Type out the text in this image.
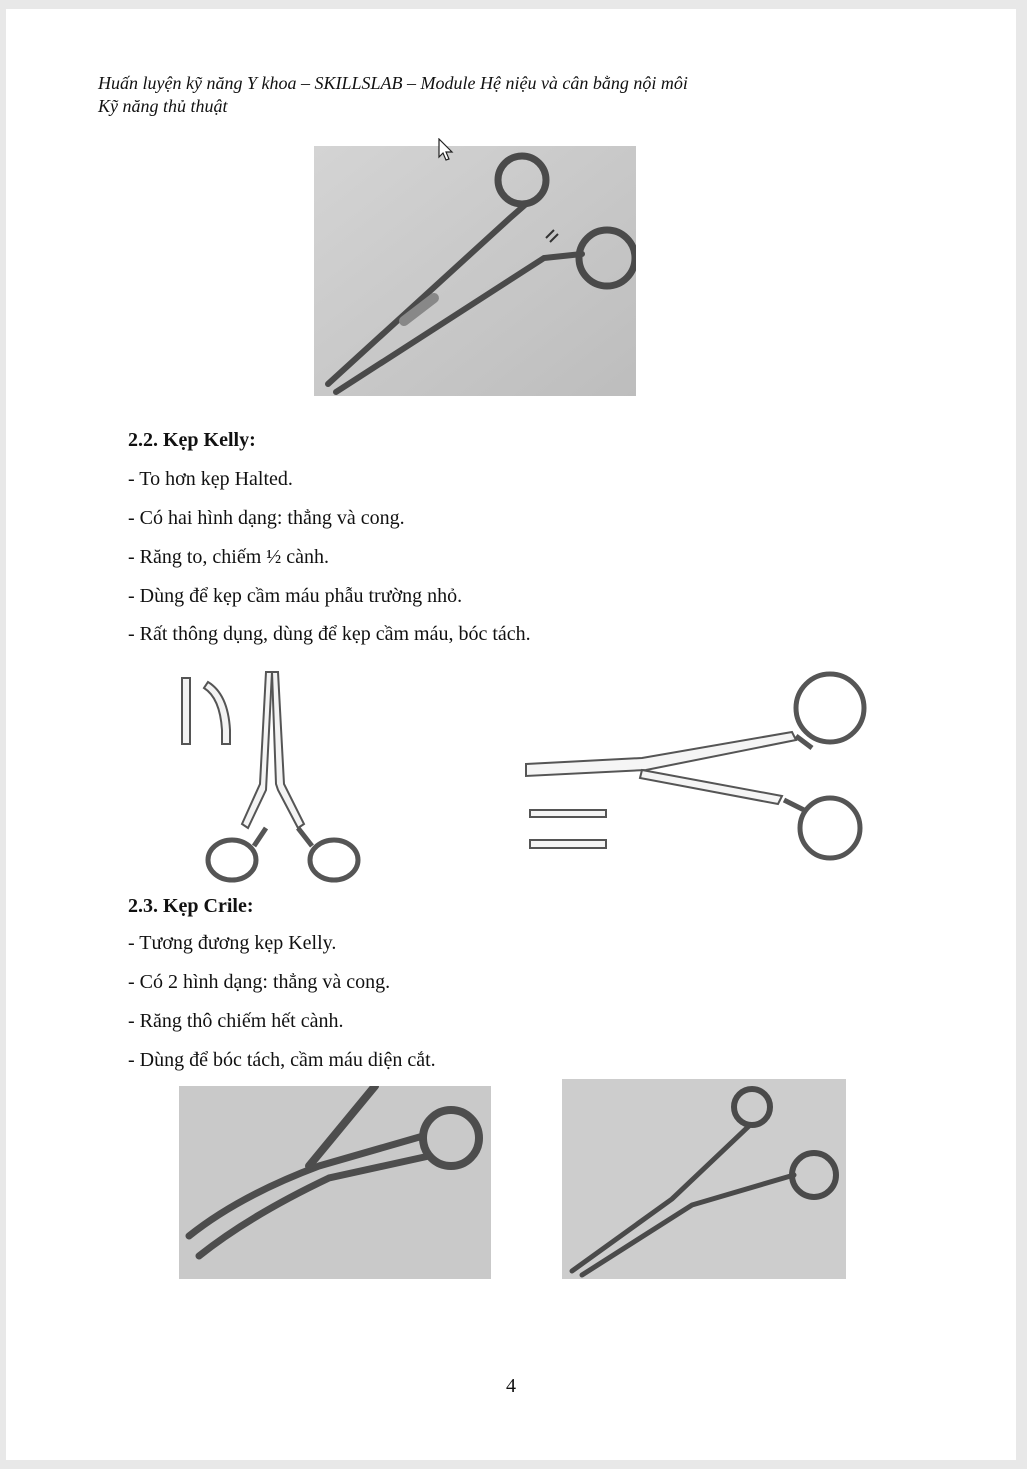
Huấn luyện kỹ năng Y khoa – SKILLSLAB – Module Hệ niệu và cân bằng nội môi
Kỹ năng thủ thuật
2.2. Kẹp Kelly:
- To hơn kẹp Halted.
- Có hai hình dạng: thẳng và cong.
- Răng to, chiếm ½ cành.
- Dùng để kẹp cầm máu phẫu trường nhỏ.
- Rất thông dụng, dùng để kẹp cầm máu, bóc tách.
2.3. Kẹp Crile:
- Tương đương kẹp Kelly.
- Có 2 hình dạng: thẳng và cong.
- Răng thô chiếm hết cành.
- Dùng để bóc tách, cầm máu diện cắt.
4
